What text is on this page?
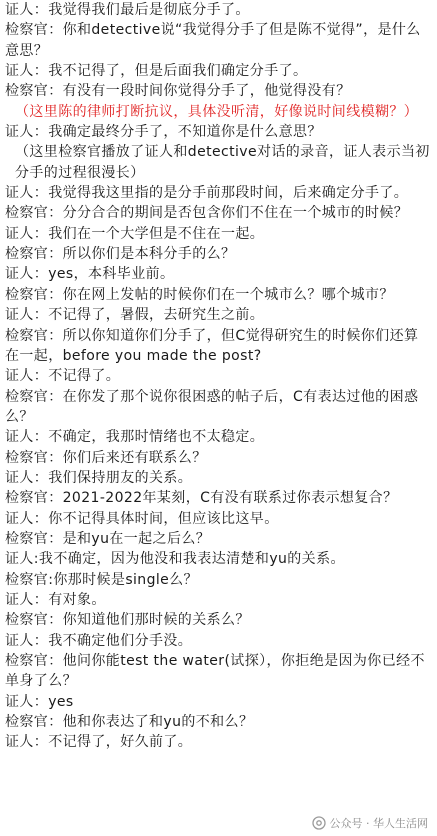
证人：我觉得我们最后是彻底分手了。

检察官：你和detective说“我觉得分手了但是陈不觉得”，是什么意思？

证人：我不记得了，但是后面我们确定分手了。

检察官：有没有一段时间你觉得分手了，他觉得没有？

（这里陈的律师打断抗议，具体没听清，好像说时间线模糊？）

证人：我确定最终分手了，不知道你是什么意思？

（这里检察官播放了证人和detective对话的录音，证人表示当初分手的过程很漫长）

证人：我觉得我这里指的是分手前那段时间，后来确定分手了。

检察官：分分合合的期间是否包含你们不住在一个城市的时候？

证人：我们在一个大学但是不住在一起。

检察官：所以你们是本科分手的么？

证人：yes，本科毕业前。

检察官：你在网上发帖的时候你们在一个城市么？哪个城市？

证人：不记得了，暑假，去研究生之前。

检察官：所以你知道你们分手了，但C觉得研究生的时候你们还算在一起，before you made the post?

证人：不记得了。

检察官：在你发了那个说你很困惑的帖子后，C有表达过他的困惑么？

证人：不确定，我那时情绪也不太稳定。

检察官：你们后来还有联系么？

证人：我们保持朋友的关系。

检察官：2021-2022年某刻，C有没有联系过你表示想复合？

证人：你不记得具体时间，但应该比这早。

检察官：是和yu在一起之后么？

证人:我不确定，因为他没和我表达清楚和yu的关系。

检察官:你那时候是single么？

证人：有对象。

检察官：你知道他们那时候的关系么？

证人：我不确定他们分手没。

检察官：他问你能test the water(试探），你拒绝是因为你已经不单身了么？

证人：yes

检察官：他和你表达了和yu的不和么？

证人：不记得了，好久前了。

公众号 · 华人生活网
